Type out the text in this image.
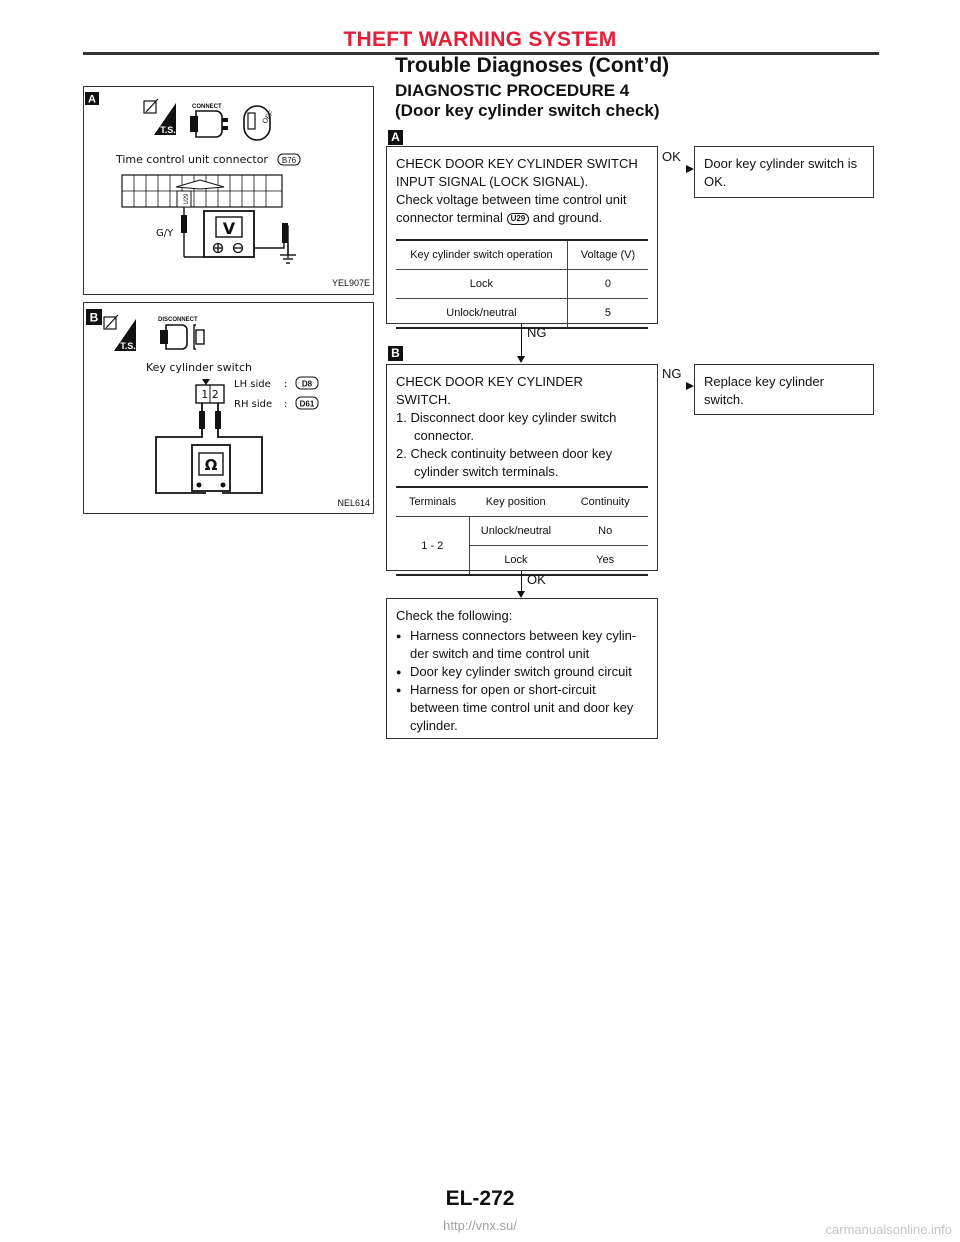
THEFT WARNING SYSTEM
Trouble Diagnoses (Cont’d)
DIAGNOSTIC PROCEDURE 4
(Door key cylinder switch check)
A
T.S.
CONNECT
OFF
Time control unit connector B76
U29
G/Y	V
YEL907E
B
T.S.
DISCONNECT
Key cylinder switch
1 2
LH side : D8
RH side : D61
Ω
NEL614
A

CHECK DOOR KEY CYLINDER SWITCH

INPUT SIGNAL (LOCK SIGNAL).

Check voltage between time control unit

connector terminal U29 and ground.

Key cylinder switch operation	Voltage (V)
Lock	0
Unlock/neutral	5
OK Door key cylinder switch is

OK.

NG
B

CHECK DOOR KEY CYLINDER

SWITCH.

1. Disconnect door key cylinder switch

connector.

2. Check continuity between door key

cylinder switch terminals.

Terminals	Key position	Continuity
1 - 2	Unlock/neutral	No
	Lock	Yes
NG

Replace key cylinder

switch.

OK

Check the following:

● Harness connectors between key cylin-der switch and time control unit
● Door key cylinder switch ground circuit
● Harness for open or short-circuit between time control unit and door key cylinder.
EL-272
http://vnx.su/	carmanualsonline.info
